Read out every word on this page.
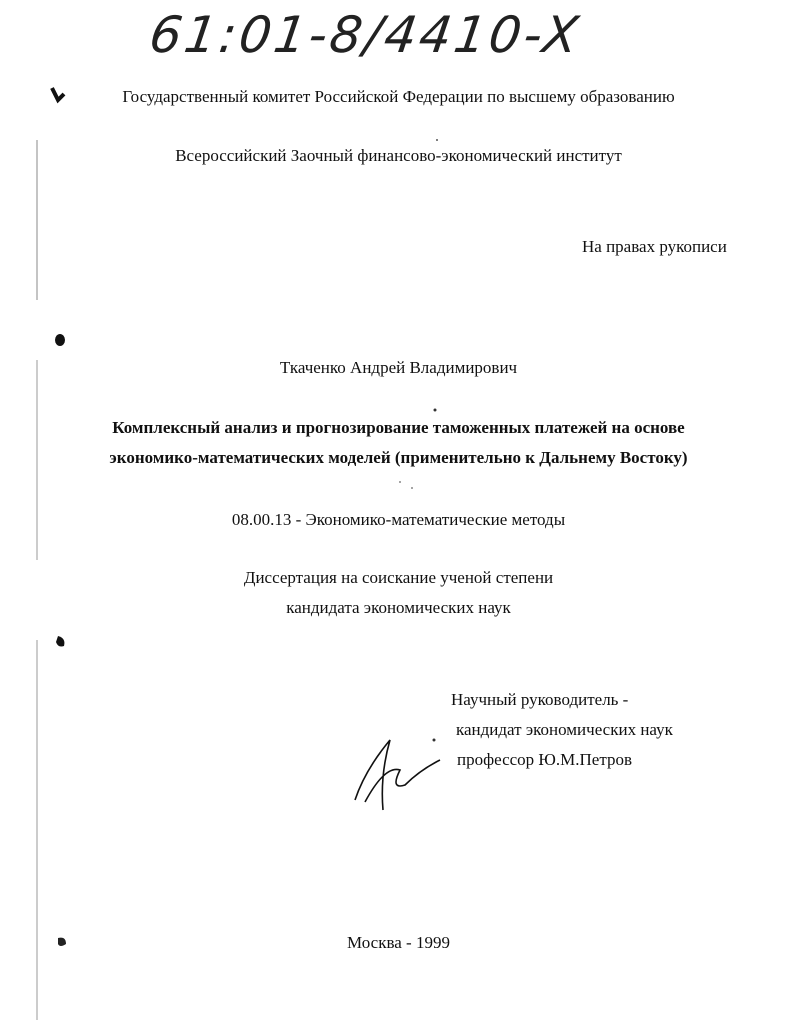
61:01-8/4410-X
Государственный комитет Российской Федерации по высшему образованию
Всероссийский Заочный финансово-экономический институт
На правах рукописи
Ткаченко Андрей Владимирович
Комплексный анализ и прогнозирование таможенных платежей на основе
экономико-математических моделей (применительно к Дальнему Востоку)
08.00.13 - Экономико-математические методы
Диссертация на соискание ученой степени
кандидата экономических наук
Научный руководитель -
кандидат экономических наук
профессор Ю.М.Петров
Москва - 1999
